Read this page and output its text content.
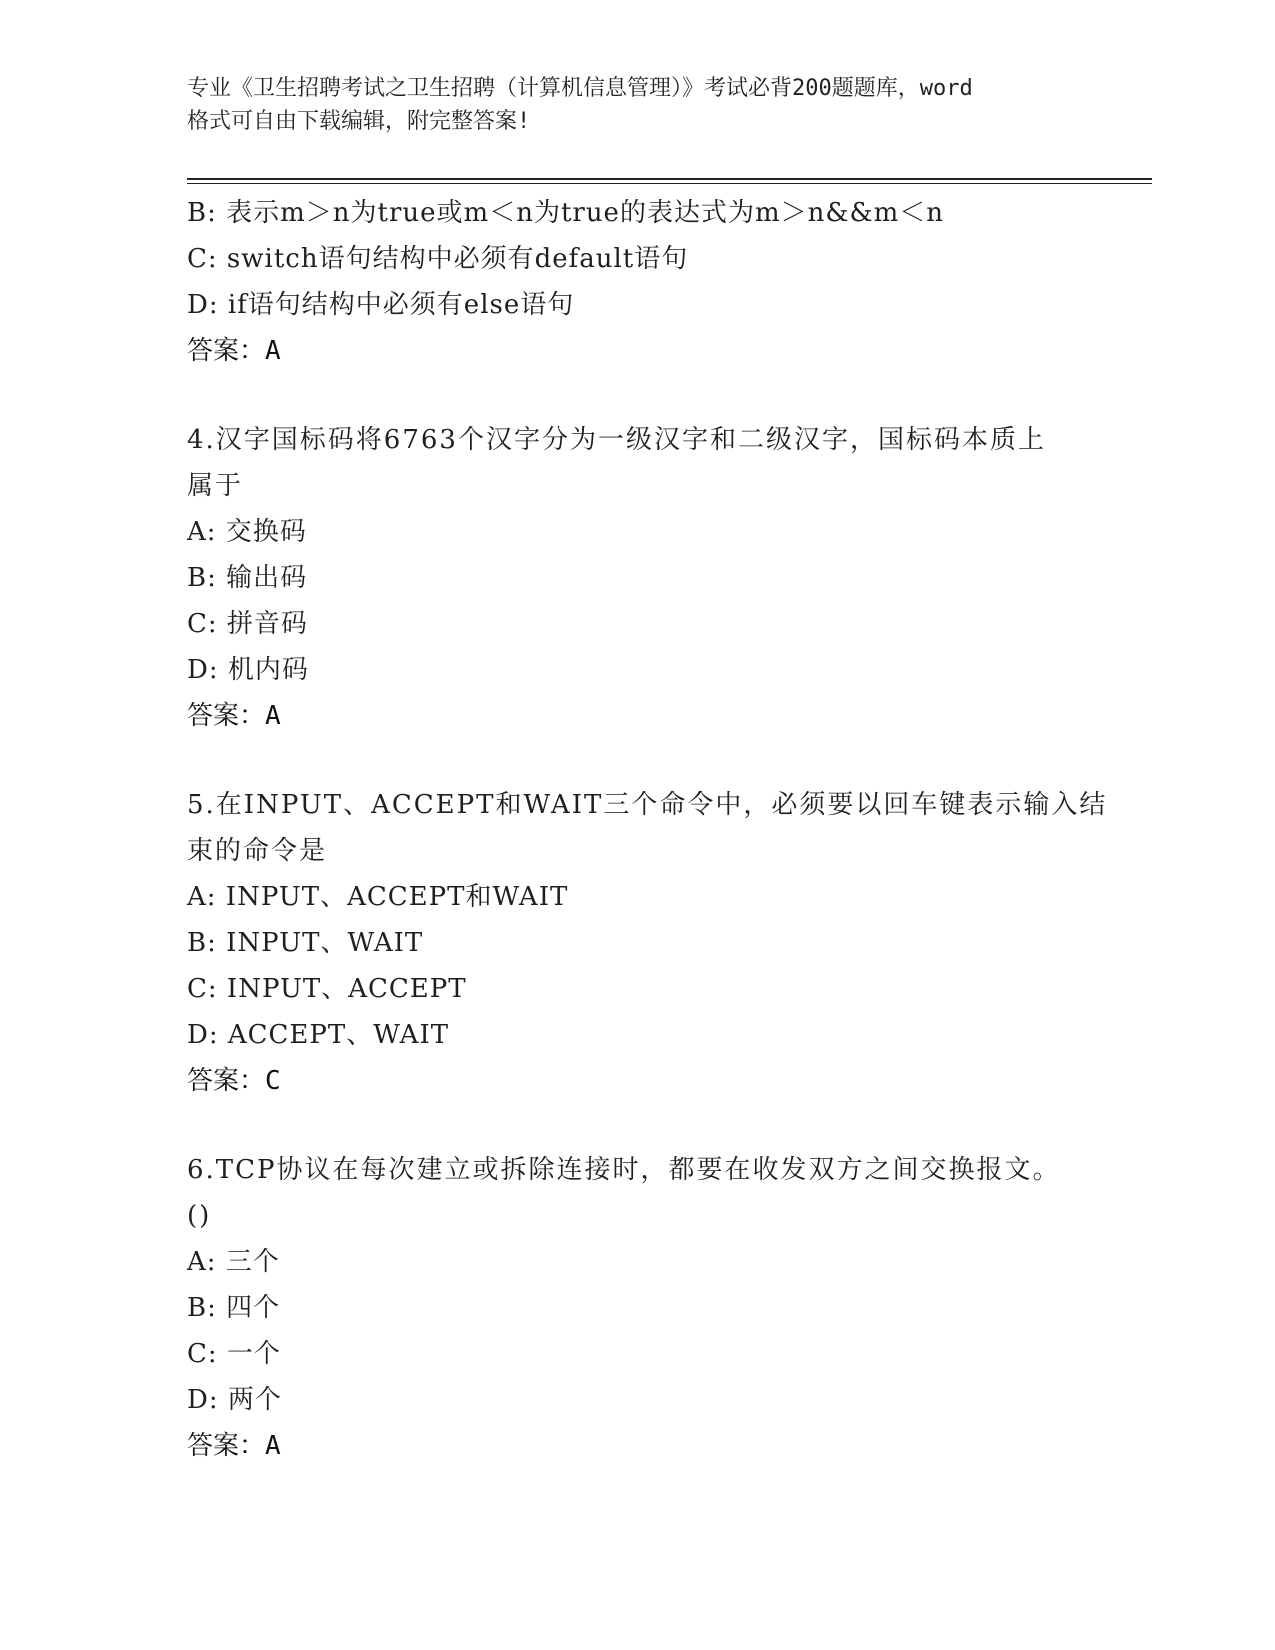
专业《卫生招聘考试之卫生招聘（计算机信息管理）》考试必背200题题库，word
格式可自由下载编辑，附完整答案!
B: 表示m＞n为true或m＜n为true的表达式为m＞n&&m＜n
C: switch语句结构中必须有default语句
D: if语句结构中必须有else语句
答案：A
4.汉字国标码将6763个汉字分为一级汉字和二级汉字，国标码本质上
属于
A: 交换码
B: 输出码
C: 拼音码
D: 机内码
答案：A
5.在INPUT、ACCEPT和WAIT三个命令中，必须要以回车键表示输入结
束的命令是
A: INPUT、ACCEPT和WAIT
B: INPUT、WAIT
C: INPUT、ACCEPT
D: ACCEPT、WAIT
答案：C
6.TCP协议在每次建立或拆除连接时，都要在收发双方之间交换报文。
()
A: 三个
B: 四个
C: 一个
D: 两个
答案：A
